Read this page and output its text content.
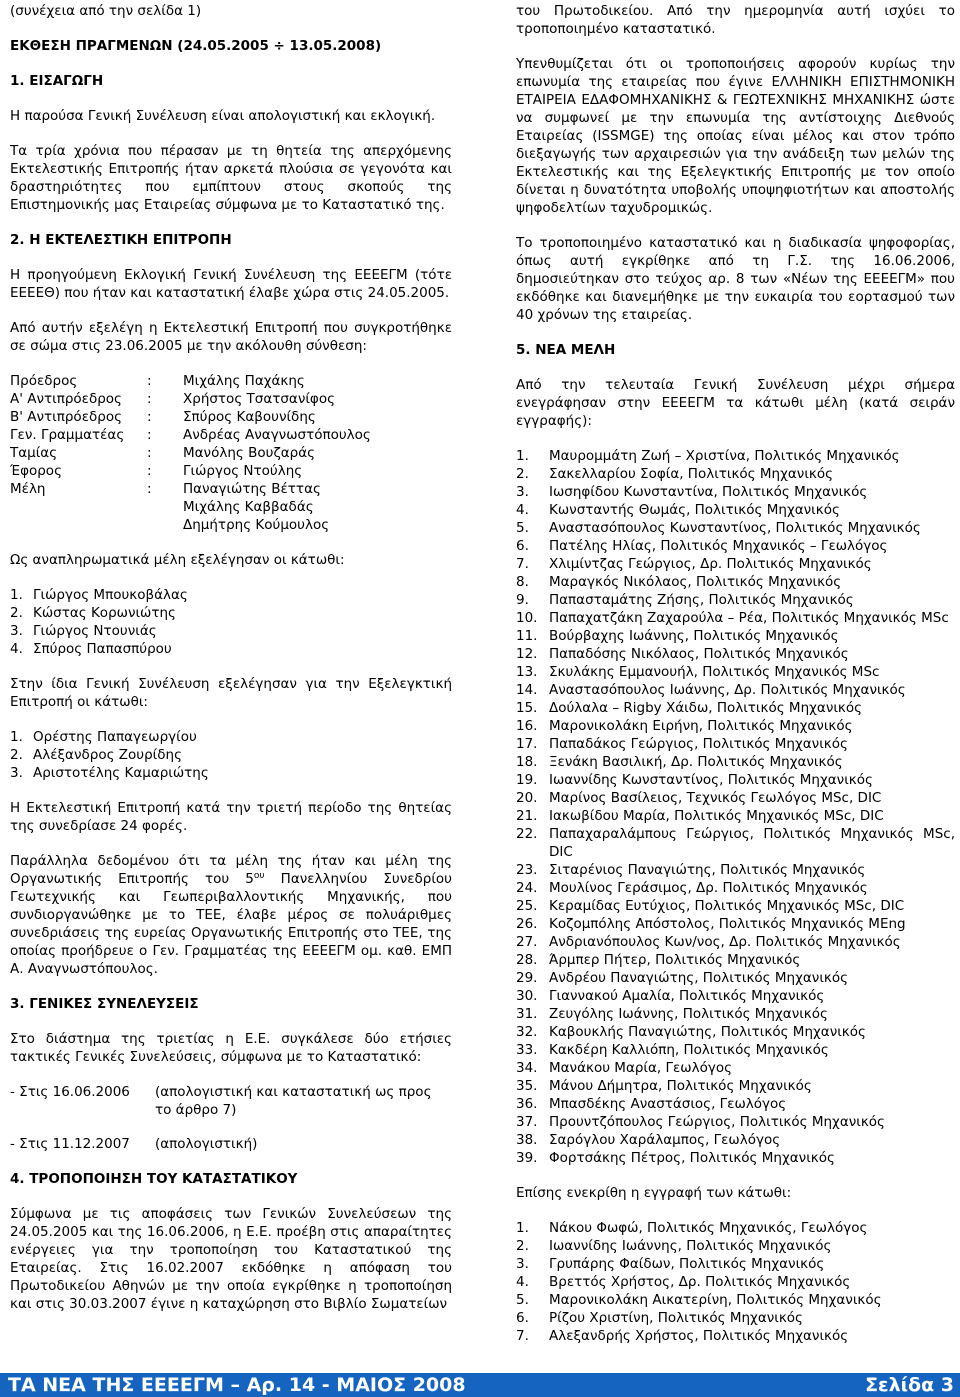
(συνέχεια από την σελίδα 1)

ΕΚΘΕΣΗ ΠΡΑΓΜΕΝΩΝ (24.05.2005 ÷ 13.05.2008)
1. ΕΙΣΑΓΩΓΗ

Η παρούσα Γενική Συνέλευση είναι απολογιστική και εκλογική.

Τα τρία χρόνια που πέρασαν με τη θητεία της απερχόμενης Εκτελεστικής Επιτροπής ήταν αρκετά πλούσια σε γεγονότα και δραστηριότητες που εμπίπτουν στους σκοπούς της Επιστημονικής μας Εταιρείας σύμφωνα με το Καταστατικό της.

2. Η ΕΚΤΕΛΕΣΤΙΚΗ ΕΠΙΤΡΟΠΗ

Η προηγούμενη Εκλογική Γενική Συνέλευση της ΕΕΕΕΓΜ (τότε ΕΕΕΕΘ) που ήταν και καταστατική έλαβε χώρα στις 24.05.2005.

Από αυτήν εξελέγη η Εκτελεστική Επιτροπή που συγκροτήθηκε σε σώμα στις 23.06.2005 με την ακόλουθη σύνθεση:

Πρόεδρος	:	Μιχάλης Παχάκης
Α' Αντιπρόεδρος	:	Χρήστος Τσατσανίφος
Β' Αντιπρόεδρος	:	Σπύρος Καβουνίδης
Γεν. Γραμματέας	:	Ανδρέας Αναγνωστόπουλος
Ταμίας	:	Μανόλης Βουζαράς
Έφορος	:	Γιώργος Ντούλης
Μέλη	:	Παναγιώτης Βέττας
Μιχάλης Καββαδάς
Δημήτρης Κούμουλος

Ως αναπληρωματικά μέλη εξελέγησαν οι κάτωθι:

1. Γιώργος Μπουκοβάλας
2. Κώστας Κορωνιώτης
3. Γιώργος Ντουνιάς
4. Σπύρος Παπασπύρου

Στην ίδια Γενική Συνέλευση εξελέγησαν για την Εξελεγκτική Επιτροπή οι κάτωθι:

1. Ορέστης Παπαγεωργίου
2. Αλέξανδρος Ζουρίδης
3. Αριστοτέλης Καμαριώτης

Η Εκτελεστική Επιτροπή κατά την τριετή περίοδο της θητείας της συνεδρίασε 24 φορές.

Παράλληλα δεδομένου ότι τα μέλη της ήταν και μέλη της Οργανωτικής Επιτροπής του $5^{o\upsilon}$ Πανελληνίου Συνεδρίου Γεωτεχνικής και Γεωπεριβαλλοντικής Μηχανικής, που συνδιοργανώθηκε με το ΤΕΕ, έλαβε μέρος σε πολυάριθμες συνεδριάσεις της ευρείας Οργανωτικής Επιτροπής στο ΤΕΕ, της οποίας προήδρευε ο Γεν. Γραμματέας της ΕΕΕΕΓΜ ομ. καθ. ΕΜΠ Α. Αναγνωστόπουλος.

3. ΓΕΝΙΚΕΣ ΣΥΝΕΛΕΥΣΕΙΣ

Στο διάστημα της τριετίας η Ε.Ε. συγκάλεσε δύο ετήσιες τακτικές Γενικές Συνελεύσεις, σύμφωνα με το Καταστατικό:

- Στις 16.06.2006	(απολογιστική και καταστατική ως προς το άρθρο 7)
- Στις 11.12.2007	(απολογιστική)
4. ΤΡΟΠΟΠΟΙΗΣΗ ΤΟΥ ΚΑΤΑΣΤΑΤΙΚΟΥ

Σύμφωνα με τις αποφάσεις των Γενικών Συνελεύσεων της 24.05.2005 και της 16.06.2006, η Ε.Ε. προέβη στις απαραίτητες ενέργειες για την τροποποίηση του Καταστατικού της Εταιρείας. Στις 16.02.2007 εκδόθηκε η απόφαση του Πρωτοδικείου Αθηνών με την οποία εγκρίθηκε η τροποποίηση και στις 30.03.2007 έγινε η καταχώρηση στο Βιβλίο Σωματείων

του Πρωτοδικείου. Από την ημερομηνία αυτή ισχύει το τροποποιημένο καταστατικό.

Υπενθυμίζεται ότι οι τροποποιήσεις αφορούν κυρίως την επωνυμία της εταιρείας που έγινε ΕΛΛΗΝΙΚΗ ΕΠΙΣΤΗΜΟΝΙΚΗ ΕΤΑΙΡΕΙΑ ΕΔΑΦΟΜΗΧΑΝΙΚΗΣ & ΓΕΩΤΕΧΝΙΚΗΣ ΜΗΧΑΝΙΚΗΣ ώστε να συμφωνεί με την επωνυμία της αντίστοιχης Διεθνούς Εταιρείας (ISSMGE) της οποίας είναι μέλος και στον τρόπο διεξαγωγής των αρχαιρεσιών για την ανάδειξη των μελών της Εκτελεστικής και της Εξελεγκτικής Επιτροπής με τον οποίο δίνεται η δυνατότητα υποβολής υποψηφιοτήτων και αποστολής ψηφοδελτίων ταχυδρομικώς.

Το τροποποιημένο καταστατικό και η διαδικασία ψηφοφορίας, όπως αυτή εγκρίθηκε από τη Γ.Σ. της 16.06.2006, δημοσιεύτηκαν στο τεύχος αρ. 8 των «Νέων της ΕΕΕΕΓΜ» που εκδόθηκε και διανεμήθηκε με την ευκαιρία του εορτασμού των 40 χρόνων της εταιρείας.

5. ΝΕΑ ΜΕΛΗ

Από την τελευταία Γενική Συνέλευση μέχρι σήμερα ενεγράφησαν στην ΕΕΕΕΓΜ τα κάτωθι μέλη (κατά σειράν εγγραφής):

1.	Μαυρομμάτη Ζωή – Χριστίνα, Πολιτικός Μηχανικός
2.	Σακελλαρίου Σοφία, Πολιτικός Μηχανικός
3.	Ιωσηφίδου Κωνσταντίνα, Πολιτικός Μηχανικός
4.	Κωνσταντής Θωμάς, Πολιτικός Μηχανικός
5.	Αναστασόπουλος Κωνσταντίνος, Πολιτικός Μηχανικός
6.	Πατέλης Ηλίας, Πολιτικός Μηχανικός – Γεωλόγος
7.	Χλιμίντζας Γεώργιος, Δρ. Πολιτικός Μηχανικός
8.	Μαραγκός Νικόλαος, Πολιτικός Μηχανικός
9.	Παπασταμάτης Ζήσης, Πολιτικός Μηχανικός
10. Παπαχατζάκη Ζαχαρούλα – Ρέα, Πολιτικός Μηχανικός MSc
11. Βούρβαχης Ιωάννης, Πολιτικός Μηχανικός
12. Παπαδόσης Νικόλαος, Πολιτικός Μηχανικός
13. Σκυλάκης Εμμανουήλ, Πολιτικός Μηχανικός MSc
14. Αναστασόπουλος Ιωάννης, Δρ. Πολιτικός Μηχανικός
15. Δούλαλα – Rigby Χάιδω, Πολιτικός Μηχανικός
16. Μαρονικολάκη Ειρήνη, Πολιτικός Μηχανικός
17. Παπαδάκος Γεώργιος, Πολιτικός Μηχανικός
18. Ξενάκη Βασιλική, Δρ. Πολιτικός Μηχανικός
19. Ιωαννίδης Κωνσταντίνος, Πολιτικός Μηχανικός
20. Μαρίνος Βασίλειος, Τεχνικός Γεωλόγος MSc, DIC
21. Ιακωβίδου Μαρία, Πολιτικός Μηχανικός MSc, DIC
22. Παπαχαραλάμπους Γεώργιος, Πολιτικός Μηχανικός MSc, DIC
23. Σιταρένιος Παναγιώτης, Πολιτικός Μηχανικός
24. Μουλίνος Γεράσιμος, Δρ. Πολιτικός Μηχανικός
25. Κεραμίδας Ευτύχιος, Πολιτικός Μηχανικός MSc, DIC
26. Κοζομπόλης Απόστολος, Πολιτικός Μηχανικός MEng
27. Ανδριανόπουλος Κων/νος, Δρ. Πολιτικός Μηχανικός
28. Άρμπερ Πήτερ, Πολιτικός Μηχανικός
29. Ανδρέου Παναγιώτης, Πολιτικός Μηχανικός
30. Γιαννακού Αμαλία, Πολιτικός Μηχανικός
31. Ζευγόλης Ιωάννης, Πολιτικός Μηχανικός
32. Καβουκλής Παναγιώτης, Πολιτικός Μηχανικός
33. Κακδέρη Καλλιόπη, Πολιτικός Μηχανικός
34. Μανάκου Μαρία, Γεωλόγος
35. Μάνου Δήμητρα, Πολιτικός Μηχανικός
36. Μπασδέκης Αναστάσιος, Γεωλόγος
37. Προυντζόπουλος Γεώργιος, Πολιτικός Μηχανικός
38. Σαρόγλου Χαράλαμπος, Γεωλόγος
39. Φορτσάκης Πέτρος, Πολιτικός Μηχανικός

Επίσης ενεκρίθη η εγγραφή των κάτωθι:

1.	Νάκου Φωφώ, Πολιτικός Μηχανικός, Γεωλόγος
2.	Ιωαννίδης Ιωάννης, Πολιτικός Μηχανικός
3.	Γρυπάρης Φαίδων, Πολιτικός Μηχανικός
4.	Βρεττός Χρήστος, Δρ. Πολιτικός Μηχανικός
5.	Μαρονικολάκη Αικατερίνη, Πολιτικός Μηχανικός
6.	Ρίζου Χριστίνη, Πολιτικός Μηχανικός
7.	Αλεξανδρής Χρήστος, Πολιτικός Μηχανικός
ΤΑ ΝΕΑ ΤΗΣ ΕΕΕΕΓΜ – Αρ. 14 - ΜΑΙΟΣ 2008	Σελίδα 3
